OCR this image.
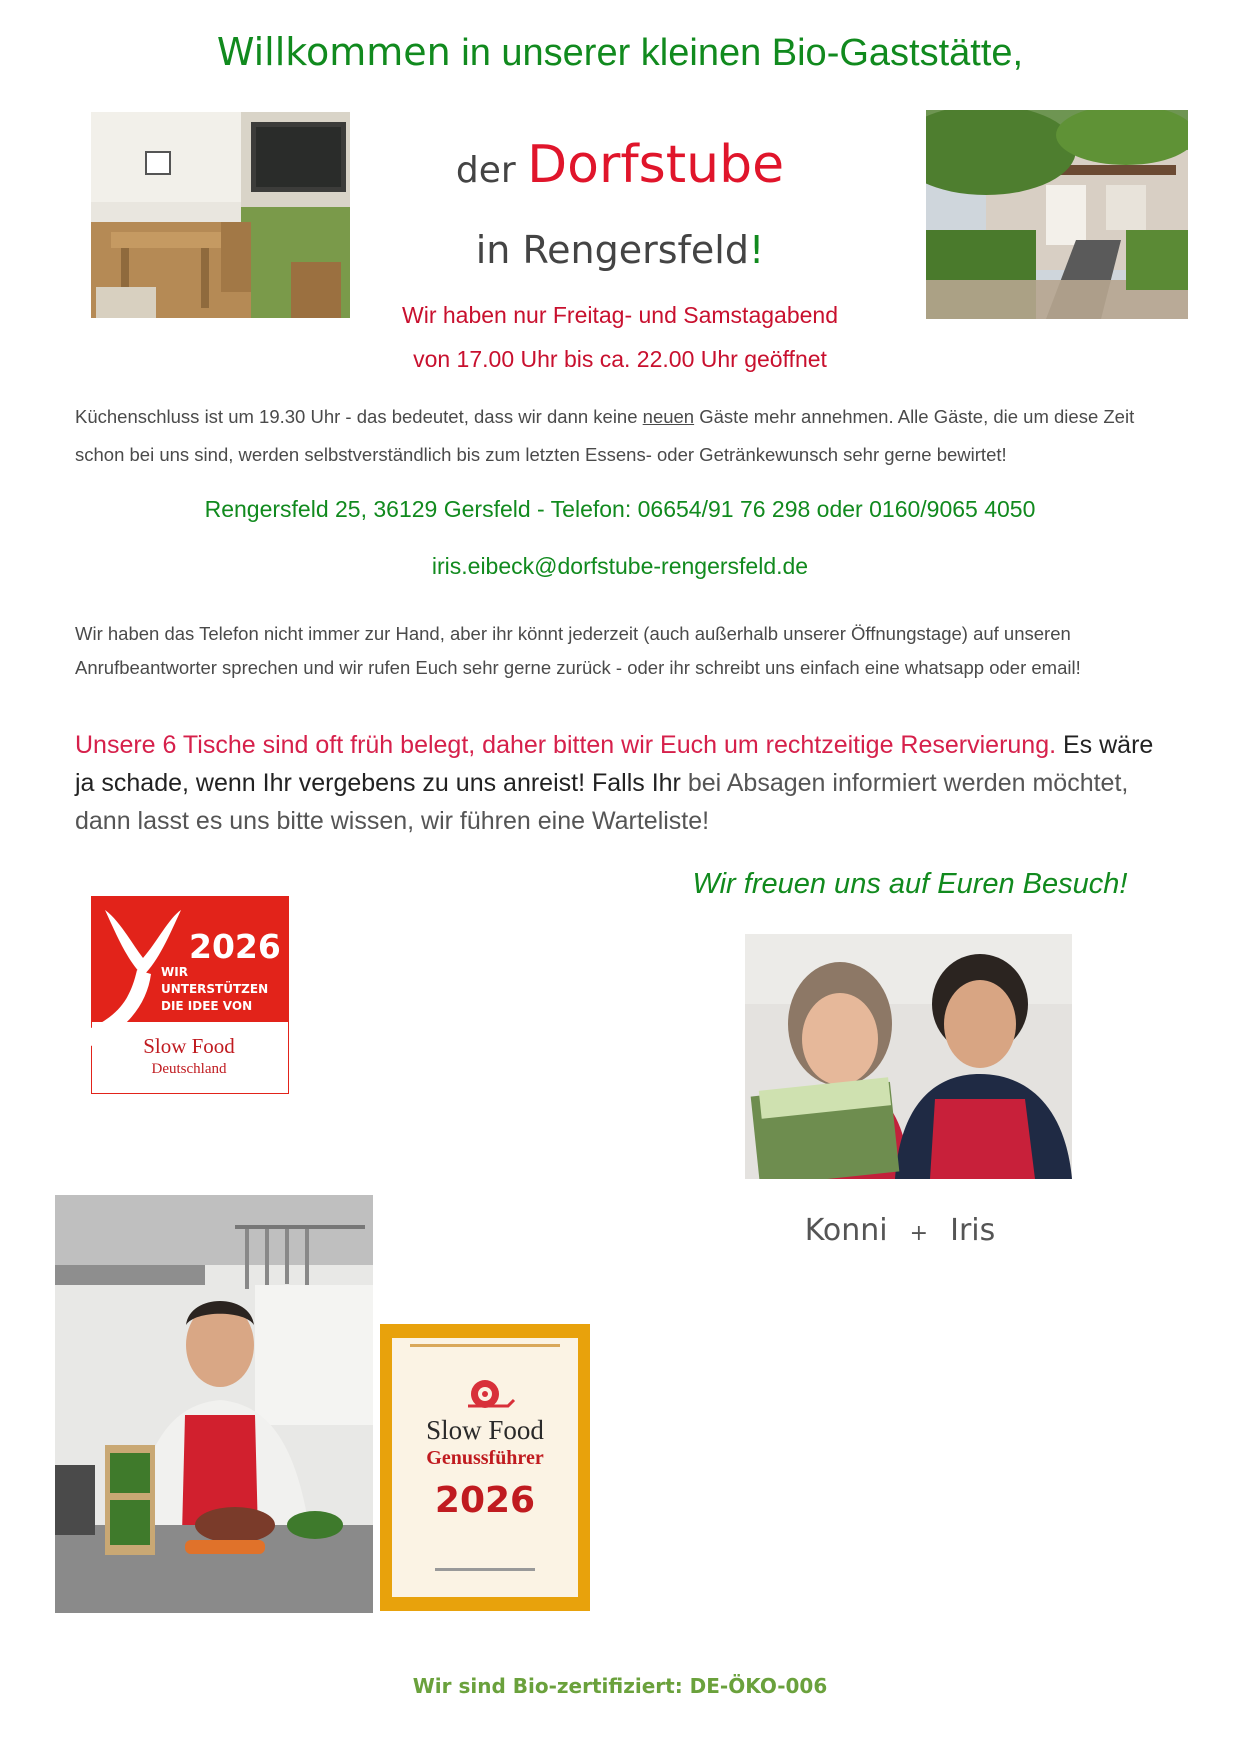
Willkommen in unserer kleinen Bio-Gaststätte,
der Dorfstube
in Rengersfeld!
Wir haben nur Freitag- und Samstagabend
von 17.00 Uhr bis ca. 22.00 Uhr geöffnet
Küchenschluss ist um 19.30 Uhr - das bedeutet, dass wir dann keine neuen Gäste mehr annehmen. Alle Gäste, die um diese Zeit schon bei uns sind, werden selbstverständlich bis zum letzten Essens- oder Getränkewunsch sehr gerne bewirtet!
Rengersfeld 25, 36129 Gersfeld - Telefon: 06654/91 76 298 oder 0160/9065 4050
iris.eibeck@dorfstube-rengersfeld.de
Wir haben das Telefon nicht immer zur Hand, aber ihr könnt jederzeit (auch außerhalb unserer Öffnungstage) auf unseren Anrufbeantworter sprechen und wir rufen Euch sehr gerne zurück - oder ihr schreibt uns einfach eine whatsapp oder email!
Unsere 6 Tische sind oft früh belegt, daher bitten wir Euch um rechtzeitige Reservierung. Es wäre ja schade, wenn Ihr vergebens zu uns anreist! Falls Ihr bei Absagen informiert werden möchtet, dann lasst es uns bitte wissen, wir führen eine Warteliste!
Wir freuen uns auf Euren Besuch!
2026
WIR
UNTERSTÜTZEN
DIE IDEE VON
Slow Food
Deutschland
Konni + Iris
Slow Food
Genussführer
2026
Wir sind Bio-zertifiziert: DE-ÖKO-006
